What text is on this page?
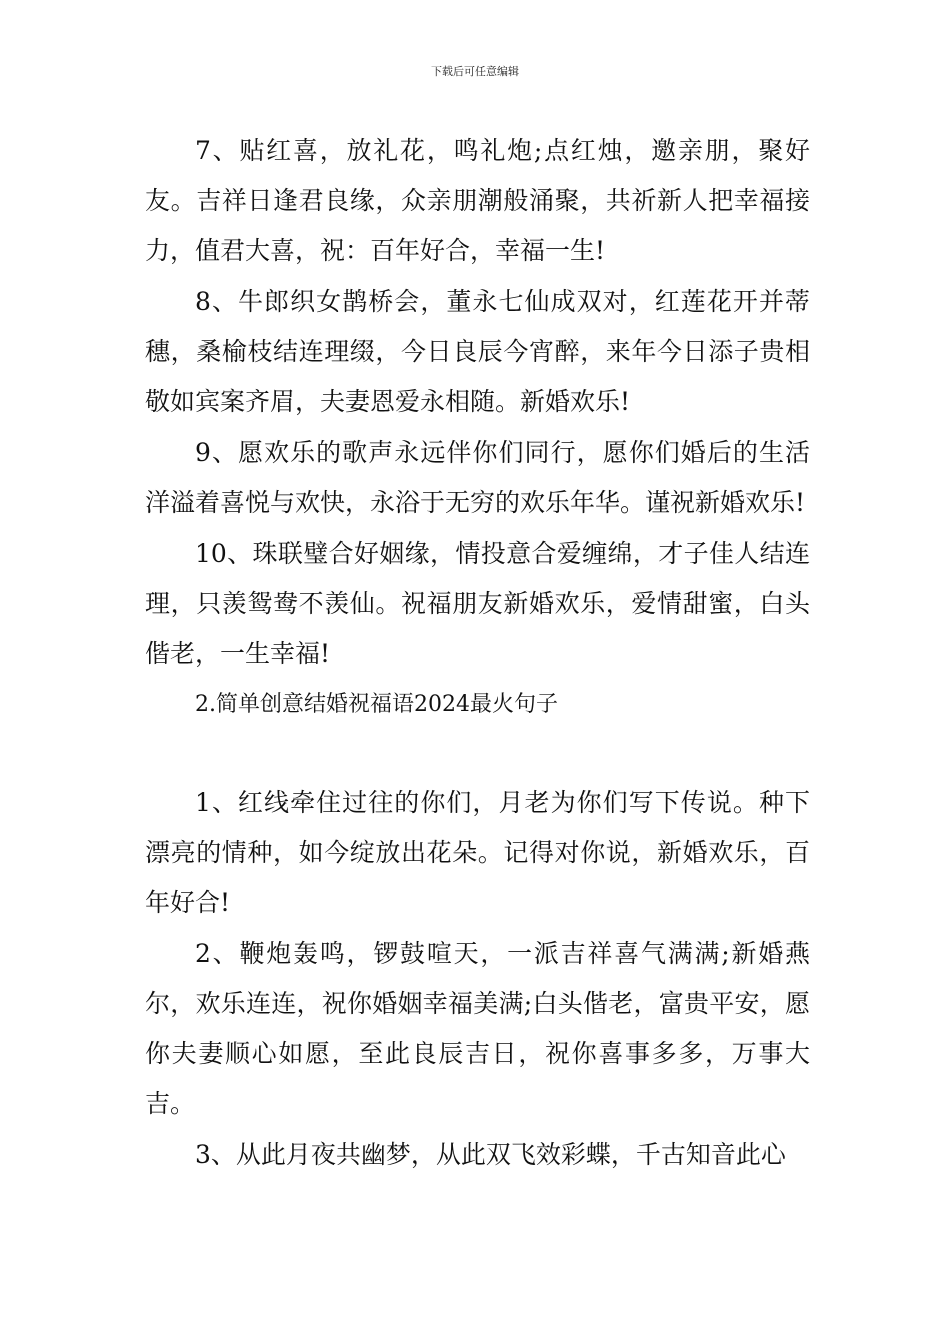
下载后可任意编辑

7、贴红喜，放礼花，鸣礼炮;点红烛，邀亲朋，聚好友。吉祥日逢君良缘，众亲朋潮般涌聚，共祈新人把幸福接力，值君大喜，祝：百年好合，幸福一生!

8、牛郎织女鹊桥会，董永七仙成双对，红莲花开并蒂穗，桑榆枝结连理缀，今日良辰今宵醉，来年今日添子贵相敬如宾案齐眉，夫妻恩爱永相随。新婚欢乐!

9、愿欢乐的歌声永远伴你们同行，愿你们婚后的生活洋溢着喜悦与欢快，永浴于无穷的欢乐年华。谨祝新婚欢乐!

10、珠联璧合好姻缘，情投意合爱缠绵，才子佳人结连理，只羡鸳鸯不羡仙。祝福朋友新婚欢乐，爱情甜蜜，白头偕老，一生幸福!

2.简单创意结婚祝福语2024最火句子

1、红线牵住过往的你们，月老为你们写下传说。种下漂亮的情种，如今绽放出花朵。记得对你说，新婚欢乐，百年好合!

2、鞭炮轰鸣，锣鼓喧天，一派吉祥喜气满满;新婚燕尔，欢乐连连，祝你婚姻幸福美满;白头偕老，富贵平安，愿你夫妻顺心如愿，至此良辰吉日，祝你喜事多多，万事大吉。

3、从此月夜共幽梦，从此双飞效彩蝶，千古知音此心
